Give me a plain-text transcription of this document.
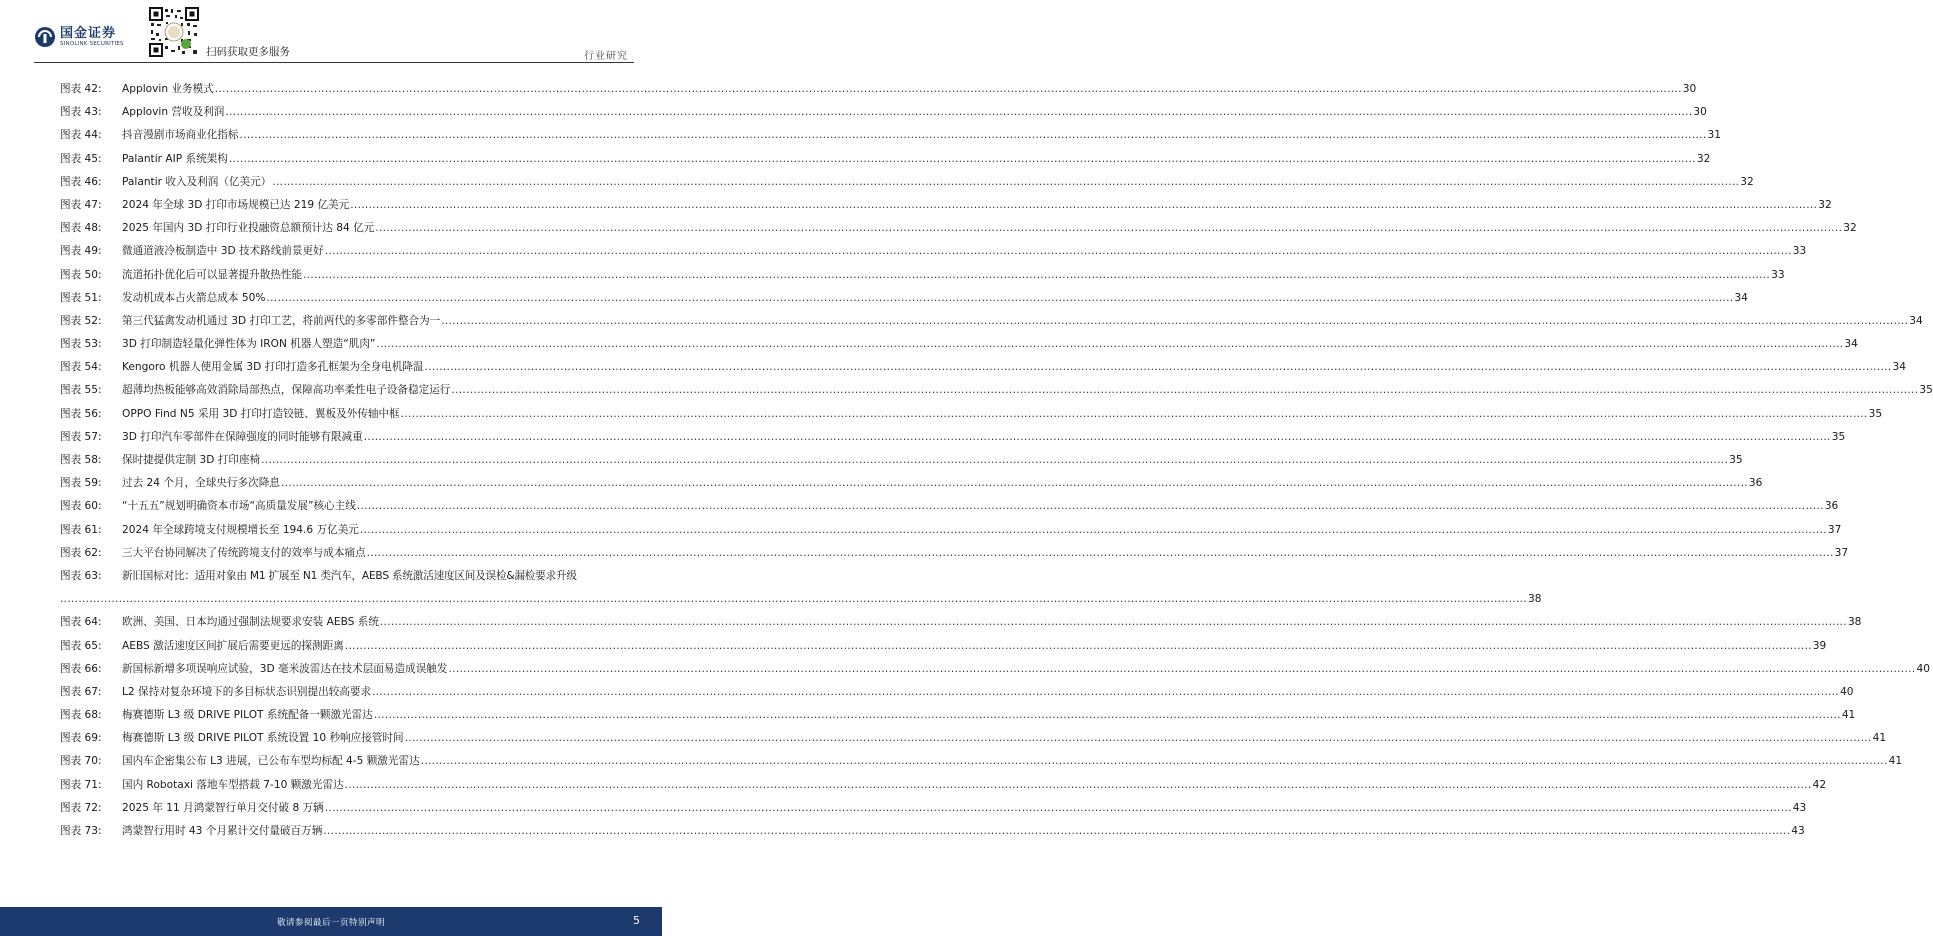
国金证券
SINOLINK SECURITIES
扫码获取更多服务	行业研究
图表 42: Applovin 业务模式 ................................................................................................................................................................................................................................................................................................................................................................................................................ 30
图表 43: Applovin 营收及利润 ................................................................................................................................................................................................................................................................................................................................................................................................................ 30
图表 44: 抖音漫剧市场商业化指标 ................................................................................................................................................................................................................................................................................................................................................................................................................ 31
图表 45: Palantir AIP 系统架构 ................................................................................................................................................................................................................................................................................................................................................................................................................ 32
图表 46: Palantir 收入及利润（亿美元） ................................................................................................................................................................................................................................................................................................................................................................................................................ 32
图表 47: 2024 年全球 3D 打印市场规模已达 219 亿美元 ................................................................................................................................................................................................................................................................................................................................................................................................................ 32
图表 48: 2025 年国内 3D 打印行业投融资总额预计达 84 亿元 ................................................................................................................................................................................................................................................................................................................................................................................................................ 32
图表 49: 微通道液冷板制造中 3D 技术路线前景更好 ................................................................................................................................................................................................................................................................................................................................................................................................................ 33
图表 50: 流道拓扑优化后可以显著提升散热性能 ................................................................................................................................................................................................................................................................................................................................................................................................................ 33
图表 51: 发动机成本占火箭总成本 50% ................................................................................................................................................................................................................................................................................................................................................................................................................ 34
图表 52: 第三代猛禽发动机通过 3D 打印工艺，将前两代的多零部件整合为一 ................................................................................................................................................................................................................................................................................................................................................................................................................ 34
图表 53: 3D 打印制造轻量化弹性体为 IRON 机器人塑造“肌肉” ................................................................................................................................................................................................................................................................................................................................................................................................................ 34
图表 54: Kengoro 机器人使用金属 3D 打印打造多孔框架为全身电机降温 ................................................................................................................................................................................................................................................................................................................................................................................................................ 34
图表 55: 超薄均热板能够高效消除局部热点，保障高功率柔性电子设备稳定运行 ................................................................................................................................................................................................................................................................................................................................................................................................................ 35
图表 56: OPPO Find N5 采用 3D 打印打造铰链、翼板及外传轴中框 ................................................................................................................................................................................................................................................................................................................................................................................................................ 35
图表 57: 3D 打印汽车零部件在保障强度的同时能够有限减重 ................................................................................................................................................................................................................................................................................................................................................................................................................ 35
图表 58: 保时捷提供定制 3D 打印座椅 ................................................................................................................................................................................................................................................................................................................................................................................................................ 35
图表 59: 过去 24 个月，全球央行多次降息 ................................................................................................................................................................................................................................................................................................................................................................................................................ 36
图表 60: “十五五”规划明确资本市场“高质量发展”核心主线 ................................................................................................................................................................................................................................................................................................................................................................................................................ 36
图表 61: 2024 年全球跨境支付规模增长至 194.6 万亿美元 ................................................................................................................................................................................................................................................................................................................................................................................................................ 37
图表 62: 三大平台协同解决了传统跨境支付的效率与成本痛点 ................................................................................................................................................................................................................................................................................................................................................................................................................ 37
图表 63: 新旧国标对比：适用对象由 M1 扩展至 N1 类汽车，AEBS 系统激活速度区间及误检&漏检要求升级
................................................................................................................................................................................................................................................................................................................................................................................................................ 38
图表 64: 欧洲、美国、日本均通过强制法规要求安装 AEBS 系统 ................................................................................................................................................................................................................................................................................................................................................................................................................ 38
图表 65: AEBS 激活速度区间扩展后需要更远的探测距离 ................................................................................................................................................................................................................................................................................................................................................................................................................ 39
图表 66: 新国标新增多项误响应试验，3D 毫米波雷达在技术层面易造成误触发 ................................................................................................................................................................................................................................................................................................................................................................................................................ 40
图表 67: L2 保持对复杂环境下的多目标状态识别提出较高要求 ................................................................................................................................................................................................................................................................................................................................................................................................................ 40
图表 68: 梅赛德斯 L3 级 DRIVE PILOT 系统配备一颗激光雷达 ................................................................................................................................................................................................................................................................................................................................................................................................................ 41
图表 69: 梅赛德斯 L3 级 DRIVE PILOT 系统设置 10 秒响应接管时间 ................................................................................................................................................................................................................................................................................................................................................................................................................ 41
图表 70: 国内车企密集公布 L3 进展，已公布车型均标配 4-5 颗激光雷达 ................................................................................................................................................................................................................................................................................................................................................................................................................ 41
图表 71: 国内 Robotaxi 落地车型搭载 7-10 颗激光雷达 ................................................................................................................................................................................................................................................................................................................................................................................................................ 42
图表 72: 2025 年 11 月鸿蒙智行单月交付破 8 万辆 ................................................................................................................................................................................................................................................................................................................................................................................................................ 43
图表 73: 鸿蒙智行用时 43 个月累计交付量破百万辆 ................................................................................................................................................................................................................................................................................................................................................................................................................ 43
敬请参阅最后一页特别声明	5
